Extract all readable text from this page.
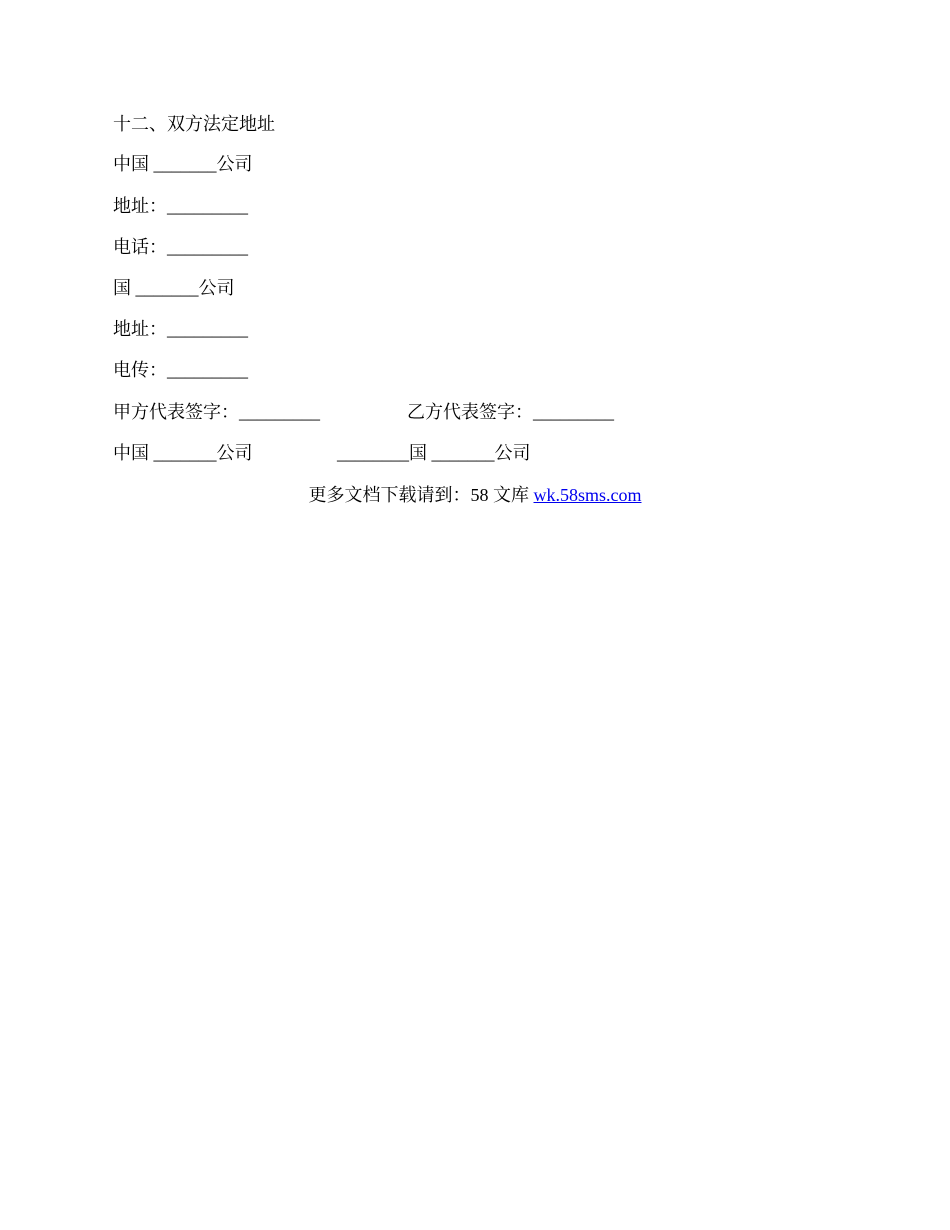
十二、双方法定地址
中国 _______公司
地址：_________
电话：_________
国 _______公司
地址：_________
电传：_________
甲方代表签字：_________	乙方代表签字：_________
中国 _______公司	________国 _______公司
更多文档下载请到：58 文库 wk.58sms.com
